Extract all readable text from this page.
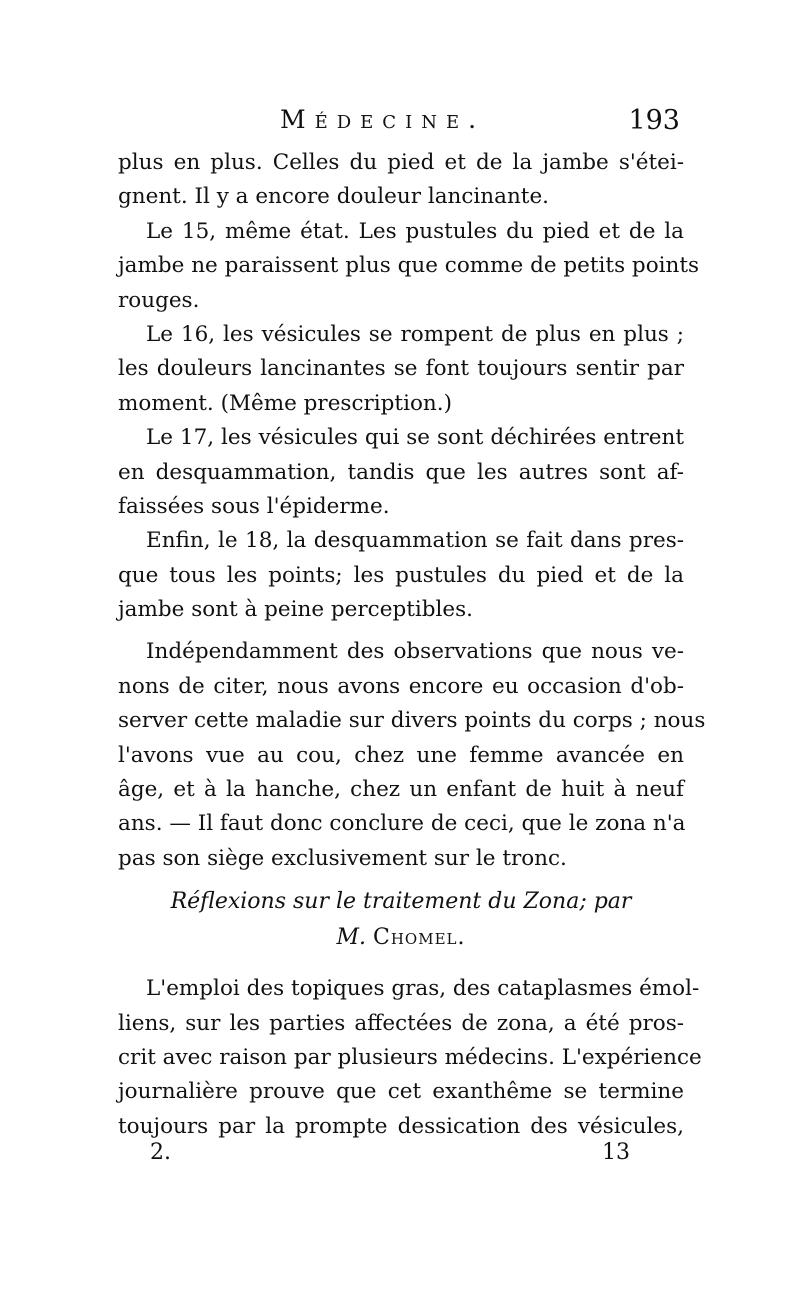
Médecine.	193
plus en plus. Celles du pied et de la jambe s'étei-
gnent. Il y a encore douleur lancinante.
Le 15, même état. Les pustules du pied et de la
jambe ne paraissent plus que comme de petits points
rouges.
Le 16, les vésicules se rompent de plus en plus ;
les douleurs lancinantes se font toujours sentir par
moment. (Même prescription.)
Le 17, les vésicules qui se sont déchirées entrent
en desquammation, tandis que les autres sont af-
faissées sous l'épiderme.
Enfin, le 18, la desquammation se fait dans pres-
que tous les points; les pustules du pied et de la
jambe sont à peine perceptibles.
Indépendamment des observations que nous ve-
nons de citer, nous avons encore eu occasion d'ob-
server cette maladie sur divers points du corps ; nous
l'avons vue au cou, chez une femme avancée en
âge, et à la hanche, chez un enfant de huit à neuf
ans. — Il faut donc conclure de ceci, que le zona n'a
pas son siège exclusivement sur le tronc.
Réflexions sur le traitement du Zona; par
M. Chomel.
L'emploi des topiques gras, des cataplasmes émol-
liens, sur les parties affectées de zona, a été pros-
crit avec raison par plusieurs médecins. L'expérience
journalière prouve que cet exanthême se termine
toujours par la prompte dessication des vésicules,
2.	13
